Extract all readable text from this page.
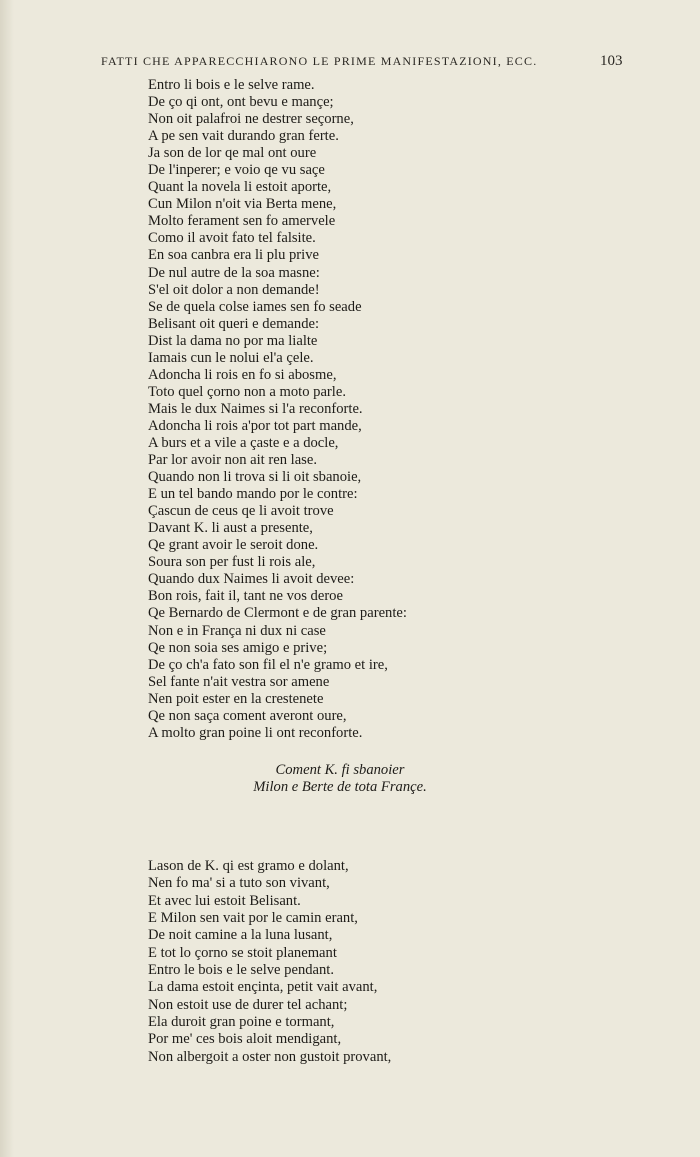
FATTI CHE APPARECCHIARONO LE PRIME MANIFESTAZIONI, ECC.	103
Entro li bois e le selve rame.
De ço qi ont, ont bevu e mançe;
Non oit palafroi ne destrer seçorne,
A pe sen vait durando gran ferte.
Ja son de lor qe mal ont oure
De l'inperer; e voio qe vu saçe
Quant la novela li estoit aporte,
Cun Milon n'oit via Berta mene,
Molto ferament sen fo amervele
Como il avoit fato tel falsite.
En soa canbra era li plu prive
De nul autre de la soa masne:
S'el oit dolor a non demande!
Se de quela colse iames sen fo seade
Belisant oit queri e demande:
Dist la dama no por ma lialte
Iamais cun le nolui el'a çele.
Adoncha li rois en fo si abosme,
Toto quel çorno non a moto parle.
Mais le dux Naimes si l'a reconforte.
Adoncha li rois a'por tot part mande,
A burs et a vile a çaste e a docle,
Par lor avoir non ait ren lase.
Quando non li trova si li oit sbanoie,
E un tel bando mando por le contre:
Çascun de ceus qe li avoit trove
Davant K. li aust a presente,
Qe grant avoir le seroit done.
Soura son per fust li rois ale,
Quando dux Naimes li avoit devee:
Bon rois, fait il, tant ne vos deroe
Qe Bernardo de Clermont e de gran parente:
Non e in Françа ni dux ni case
Qe non soia ses amigo e prive;
De ço ch'a fato son fil el n'e gramo et ire,
Sel fante n'ait vestra sor amene
Nen poit ester en la crestenete
Qe non saça coment averont oure,
A molto gran poine li ont reconforte.
Coment K. fi sbanoier
Milon e Berte de tota Françe.
Lason de K. qi est gramo e dolant,
Nen fo ma' si a tuto son vivant,
Et avec lui estoit Belisant.
E Milon sen vait por le camin erant,
De noit camine a la luna lusant,
E tot lo çorno se stoit planemant
Entro le bois e le selve pendant.
La dama estoit ençinta, petit vait avant,
Non estoit use de durer tel achant;
Ela duroit gran poine e tormant,
Por me' ces bois aloit mendigant,
Non albergoit a oster non gustoit provant,
